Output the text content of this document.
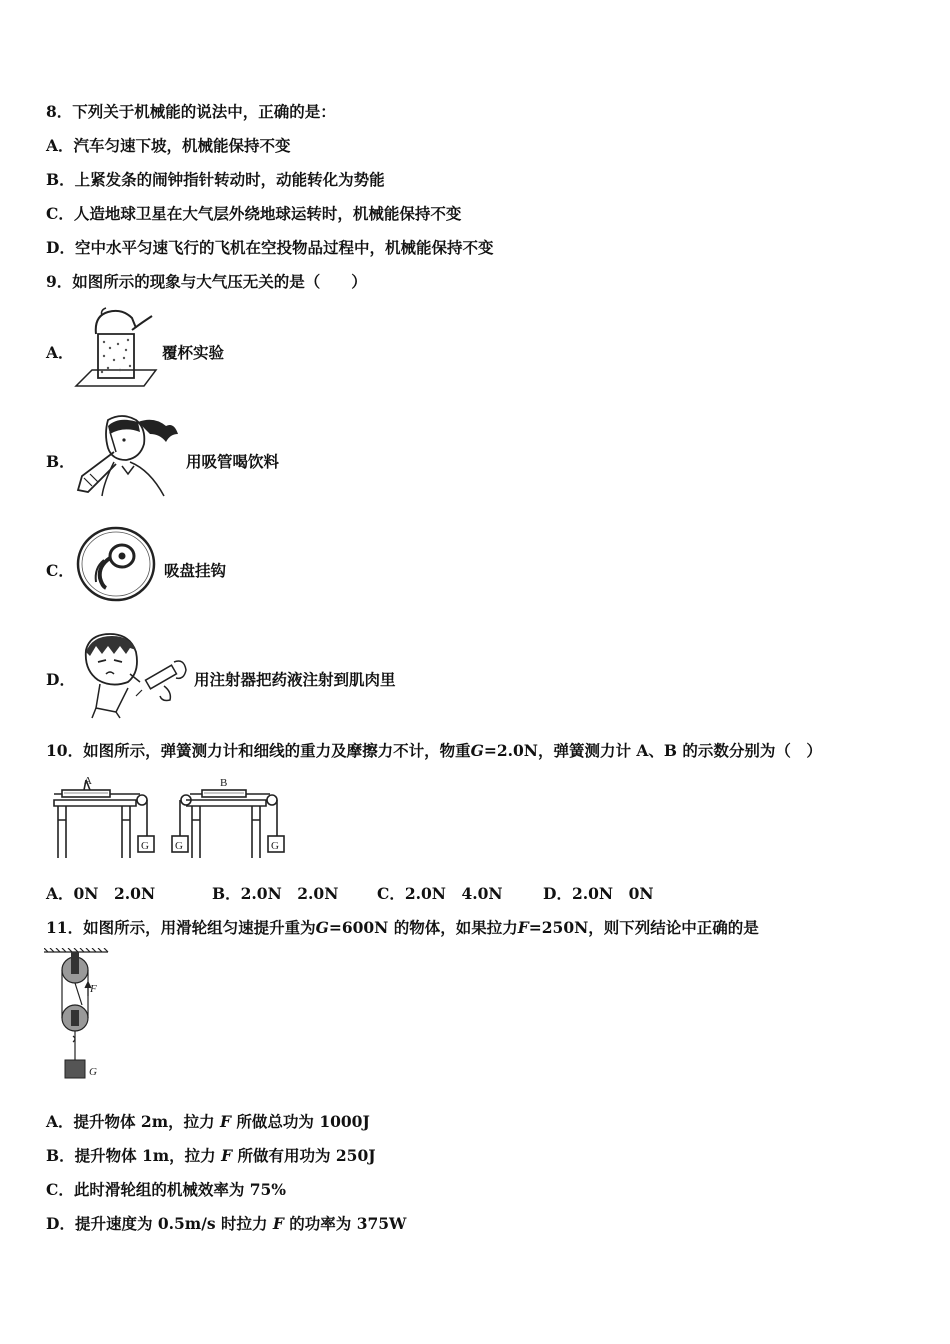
8．下列关于机械能的说法中，正确的是：
A．汽车匀速下坡，机械能保持不变
B．上紧发条的闹钟指针转动时，动能转化为势能
C．人造地球卫星在大气层外绕地球运转时，机械能保持不变
D．空中水平匀速飞行的飞机在空投物品过程中，机械能保持不变
9．如图所示的现象与大气压无关的是（　　）
A．	覆杯实验
B．	用吸管喝饮料
C．	吸盘挂钩
D．	用注射器把药液注射到肌肉里
10．如图所示，弹簧测力计和细线的重力及摩擦力不计，物重G=2.0N，弹簧测力计 A、B 的示数分别为（　）
A
G
B
G	G
A．0N　2.0N	B．2.0N　2.0N C．2.0N　4.0N	D．2.0N　0N
11．如图所示，用滑轮组匀速提升重为G=600N 的物体，如果拉力F=250N，则下列结论中正确的是
F
G
A．提升物体 2m，拉力 F 所做总功为 1000J
B．提升物体 1m，拉力 F 所做有用功为 250J
C．此时滑轮组的机械效率为 75%
D．提升速度为 0.5m/s 时拉力 F 的功率为 375W
